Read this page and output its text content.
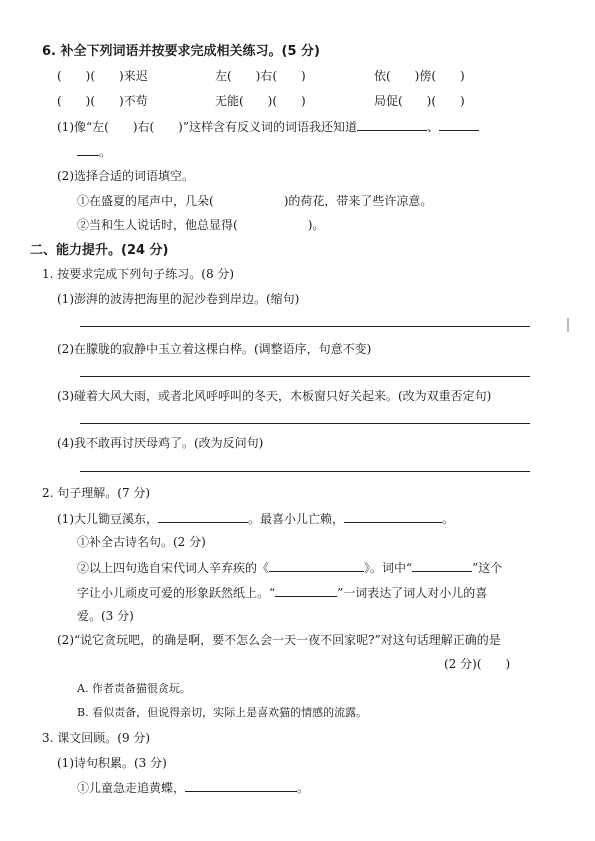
6. 补全下列词语并按要求完成相关练习。(5 分)
(　　)(　　)来迟	左(　　)右(　　)	依(　　)傍(　　)
(　　)(　　)不苟	无能(　　)(　　)	局促(　　)(　　)
(1)像“左(　　)右(　　)”这样含有反义词的词语我还知道	、
。
(2)选择合适的词语填空。
①在盛夏的尾声中，几朵(	)的荷花，带来了些许凉意。
②当和生人说话时，他总显得(	)。
二、能力提升。(24 分)
1. 按要求完成下列句子练习。(8 分)
(1)澎湃的波涛把海里的泥沙卷到岸边。(缩句)
(2)在朦胧的寂静中玉立着这棵白桦。(调整语序，句意不变)
(3)碰着大风大雨，或者北风呼呼叫的冬天，木板窗只好关起来。(改为双重否定句)
(4)我不敢再讨厌母鸡了。(改为反问句)
2. 句子理解。(7 分)
(1)大儿锄豆溪东，	。最喜小儿亡赖，	。
①补全古诗名句。(2 分)
②以上四句选自宋代词人辛弃疾的《	》。词中“	”这个
字让小儿顽皮可爱的形象跃然纸上。“	”一词表达了词人对小儿的喜
爱。(3 分)
(2)“说它贪玩吧，的确是啊，要不怎么会一天一夜不回家呢?”对这句话理解正确的是
(2 分)(　　)
A. 作者责备猫很贪玩。
B. 看似责备，但说得亲切，实际上是喜欢猫的情感的流露。
3. 课文回顾。(9 分)
(1)诗句积累。(3 分)
①儿童急走追黄蝶，	。
